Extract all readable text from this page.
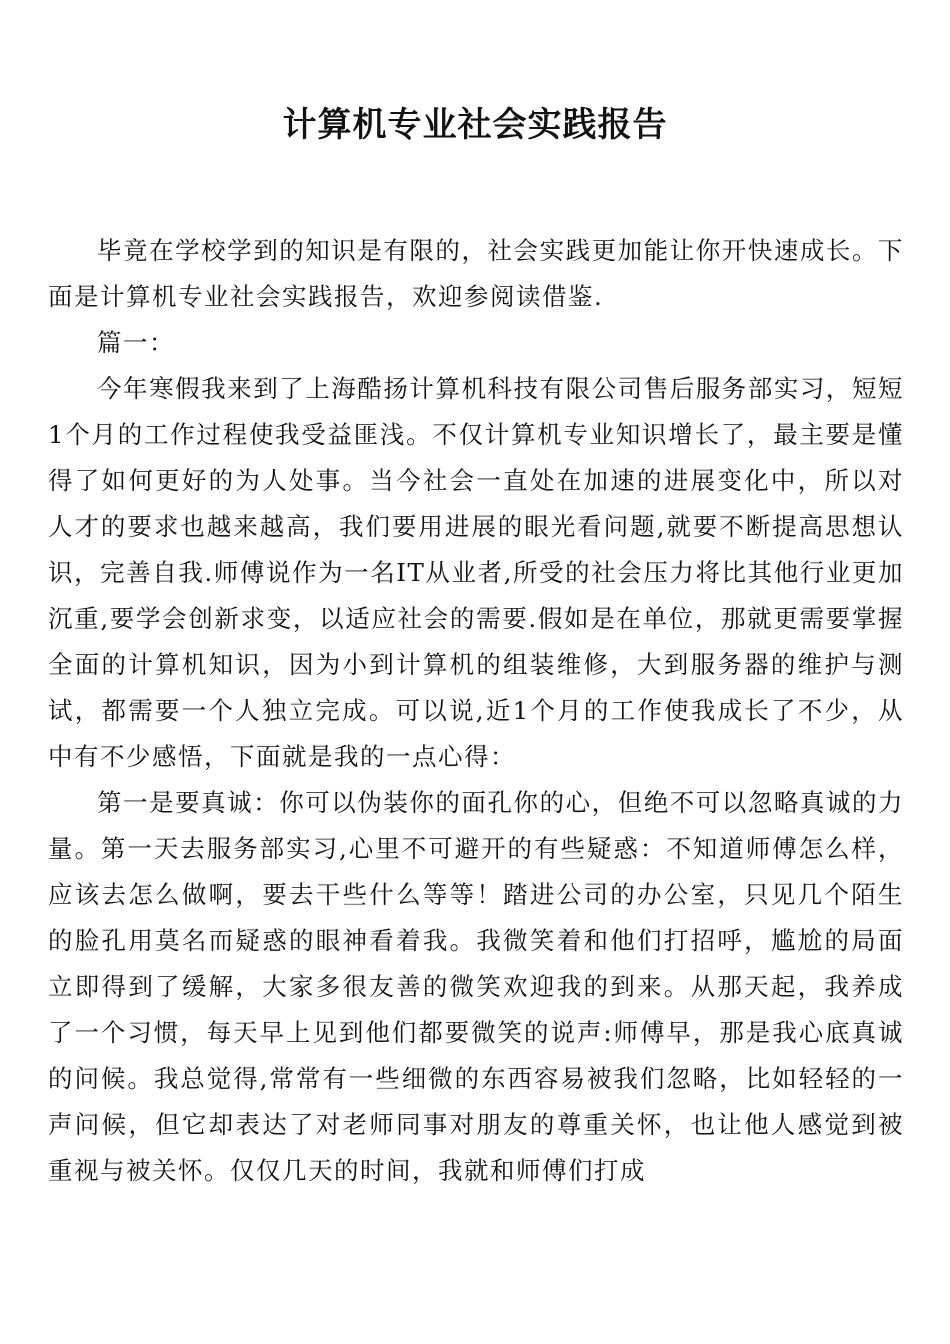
计算机专业社会实践报告

毕竟在学校学到的知识是有限的，社会实践更加能让你开快速成长。下面是计算机专业社会实践报告，欢迎参阅读借鉴.

篇一：

今年寒假我来到了上海酷扬计算机科技有限公司售后服务部实习，短短1个月的工作过程使我受益匪浅。不仅计算机专业知识增长了，最主要是懂得了如何更好的为人处事。当今社会一直处在加速的进展变化中，所以对人才的要求也越来越高，我们要用进展的眼光看问题,就要不断提高思想认识，完善自我.师傅说作为一名IT从业者,所受的社会压力将比其他行业更加沉重,要学会创新求变，以适应社会的需要.假如是在单位，那就更需要掌握全面的计算机知识，因为小到计算机的组装维修，大到服务器的维护与测试，都需要一个人独立完成。可以说,近1个月的工作使我成长了不少，从中有不少感悟，下面就是我的一点心得：

第一是要真诚：你可以伪装你的面孔你的心，但绝不可以忽略真诚的力量。第一天去服务部实习,心里不可避开的有些疑惑：不知道师傅怎么样，应该去怎么做啊，要去干些什么等等！踏进公司的办公室，只见几个陌生的脸孔用莫名而疑惑的眼神看着我。我微笑着和他们打招呼，尴尬的局面立即得到了缓解，大家多很友善的微笑欢迎我的到来。从那天起，我养成了一个习惯，每天早上见到他们都要微笑的说声:师傅早，那是我心底真诚的问候。我总觉得,常常有一些细微的东西容易被我们忽略，比如轻轻的一声问候，但它却表达了对老师同事对朋友的尊重关怀，也让他人感觉到被重视与被关怀。仅仅几天的时间，我就和师傅们打成
